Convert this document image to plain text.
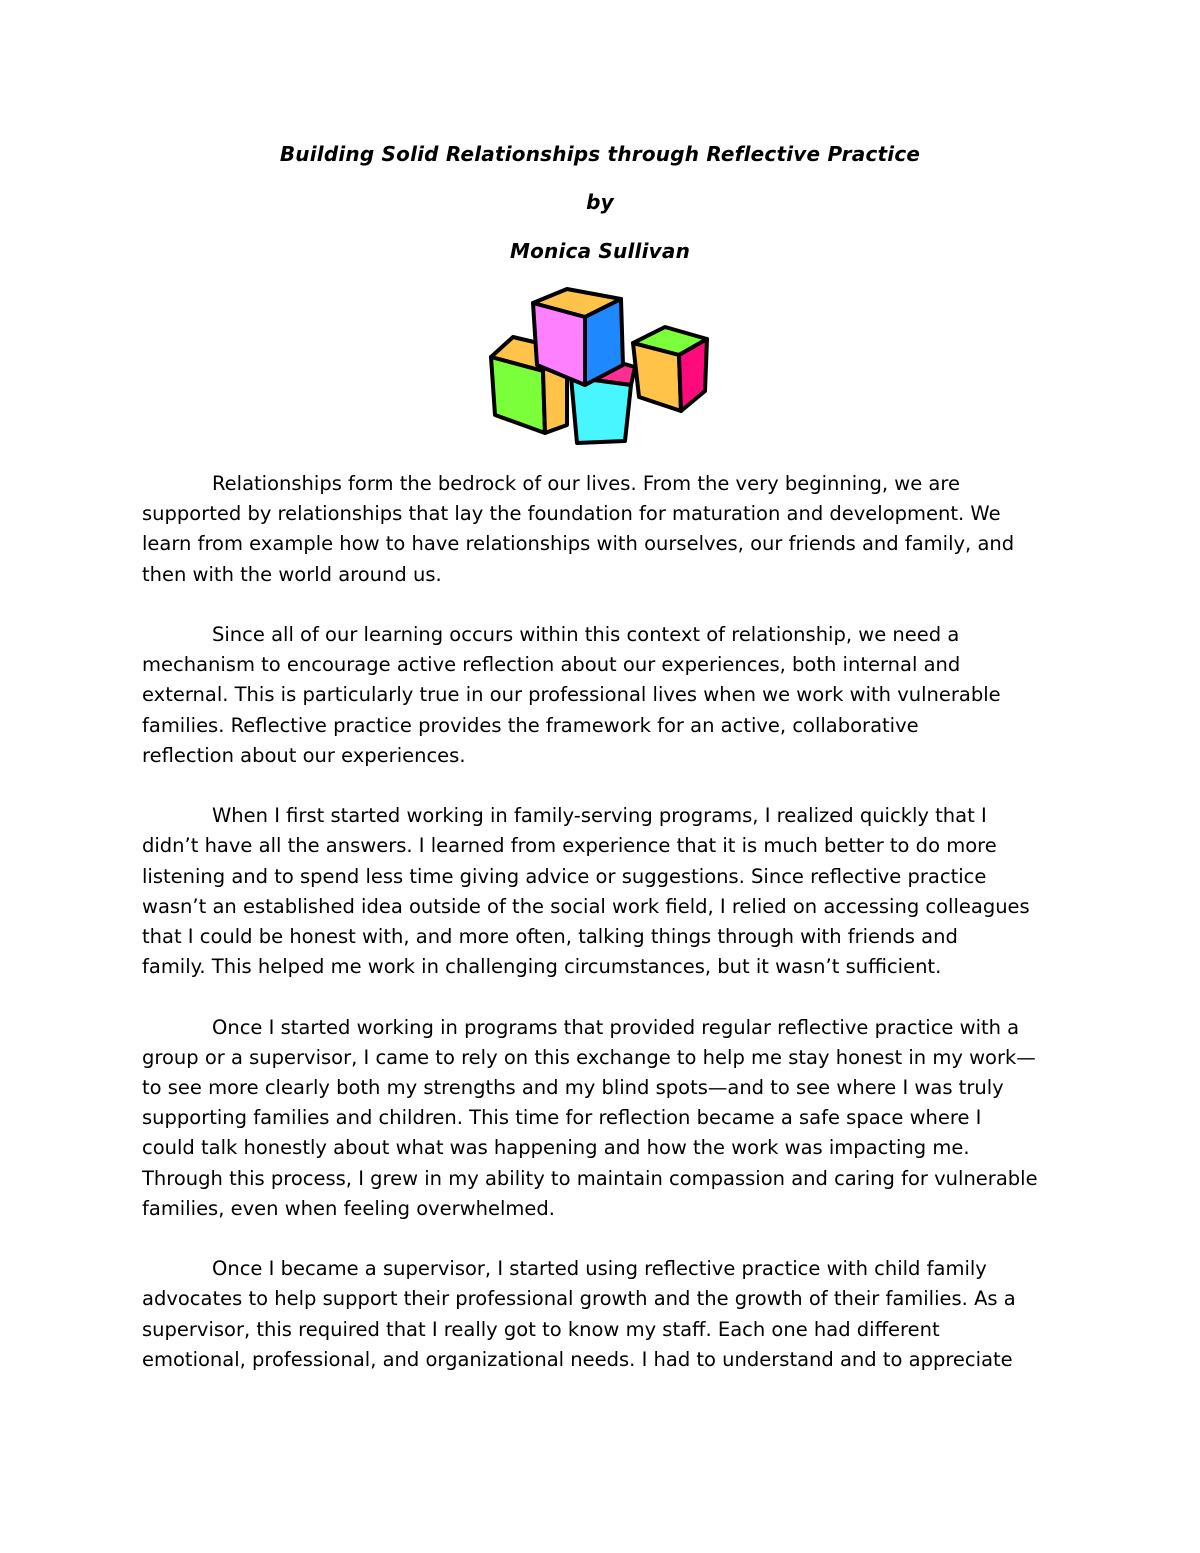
Building Solid Relationships through Reflective Practice
by
Monica Sullivan
Relationships form the bedrock of our lives. From the very beginning, we are
supported by relationships that lay the foundation for maturation and development. We
learn from example how to have relationships with ourselves, our friends and family, and
then with the world around us.
Since all of our learning occurs within this context of relationship, we need a
mechanism to encourage active reflection about our experiences, both internal and
external. This is particularly true in our professional lives when we work with vulnerable
families. Reflective practice provides the framework for an active, collaborative
reflection about our experiences.
When I first started working in family-serving programs, I realized quickly that I
didn’t have all the answers. I learned from experience that it is much better to do more
listening and to spend less time giving advice or suggestions. Since reflective practice
wasn’t an established idea outside of the social work field, I relied on accessing colleagues
that I could be honest with, and more often, talking things through with friends and
family. This helped me work in challenging circumstances, but it wasn’t sufficient.
Once I started working in programs that provided regular reflective practice with a
group or a supervisor, I came to rely on this exchange to help me stay honest in my work—
to see more clearly both my strengths and my blind spots—and to see where I was truly
supporting families and children. This time for reflection became a safe space where I
could talk honestly about what was happening and how the work was impacting me.
Through this process, I grew in my ability to maintain compassion and caring for vulnerable
families, even when feeling overwhelmed.
Once I became a supervisor, I started using reflective practice with child family
advocates to help support their professional growth and the growth of their families. As a
supervisor, this required that I really got to know my staff. Each one had different
emotional, professional, and organizational needs. I had to understand and to appreciate
